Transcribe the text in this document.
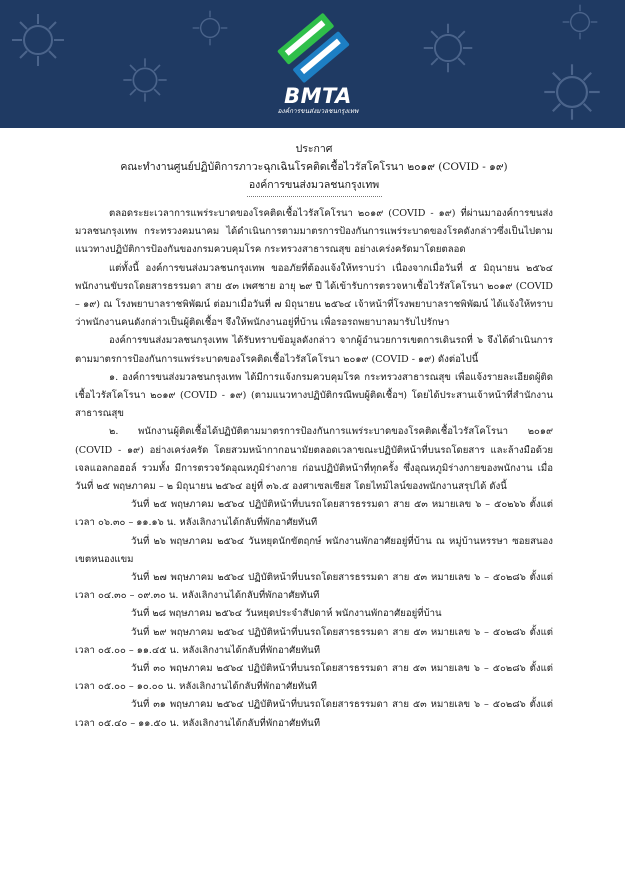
BMTA
องค์การขนส่งมวลชนกรุงเทพ
ประกาศ
คณะทำงานศูนย์ปฏิบัติการภาวะฉุกเฉินโรคติดเชื้อไวรัสโคโรนา ๒๐๑๙ (COVID - ๑๙)
องค์การขนส่งมวลชนกรุงเทพ

ตลอดระยะเวลาการแพร่ระบาดของโรคติดเชื้อไวรัสโคโรนา ๒๐๑๙ (COVID - ๑๙) ที่ผ่านมาองค์การขนส่งมวลชนกรุงเทพ กระทรวงคมนาคม ได้ดำเนินการตามมาตรการป้องกันการแพร่ระบาดของโรคดังกล่าวซึ่งเป็นไปตามแนวทางปฏิบัติการป้องกันของกรมควบคุมโรค กระทรวงสาธารณสุข อย่างเคร่งครัดมาโดยตลอด

แต่ทั้งนี้ องค์การขนส่งมวลชนกรุงเทพ ขออภัยที่ต้องแจ้งให้ทราบว่า เนื่องจากเมื่อวันที่ ๕ มิถุนายน ๒๕๖๔ พนักงานขับรถโดยสารธรรมดา สาย ๕๓ เพศชาย อายุ ๒๙ ปี ได้เข้ารับการตรวจหาเชื้อไวรัสโคโรนา ๒๐๑๙ (COVID – ๑๙) ณ โรงพยาบาลราชพิพัฒน์ ต่อมาเมื่อวันที่ ๗ มิถุนายน ๒๕๖๔ เจ้าหน้าที่โรงพยาบาลราชพิพัฒน์ ได้แจ้งให้ทราบว่าพนักงานคนดังกล่าวเป็นผู้ติดเชื้อฯ จึงให้พนักงานอยู่ที่บ้าน เพื่อรอรถพยาบาลมารับไปรักษา

องค์การขนส่งมวลชนกรุงเทพ ได้รับทราบข้อมูลดังกล่าว จากผู้อำนวยการเขตการเดินรถที่ ๖ จึงได้ดำเนินการตามมาตรการป้องกันการแพร่ระบาดของโรคติดเชื้อไวรัสโคโรนา ๒๐๑๙ (COVID - ๑๙) ดังต่อไปนี้

๑. องค์การขนส่งมวลชนกรุงเทพ ได้มีการแจ้งกรมควบคุมโรค กระทรวงสาธารณสุข เพื่อแจ้งรายละเอียดผู้ติดเชื้อไวรัสโคโรนา ๒๐๑๙ (COVID - ๑๙) (ตามแนวทางปฏิบัติกรณีพบผู้ติดเชื้อฯ) โดยได้ประสานเจ้าหน้าที่สำนักงานสาธารณสุข

๒. พนักงานผู้ติดเชื้อได้ปฏิบัติตามมาตรการป้องกันการแพร่ระบาดของโรคติดเชื้อไวรัสโคโรนา ๒๐๑๙ (COVID - ๑๙) อย่างเคร่งครัด โดยสวมหน้ากากอนามัยตลอดเวลาขณะปฏิบัติหน้าที่บนรถโดยสาร และล้างมือด้วยเจลแอลกอฮอล์ รวมทั้ง มีการตรวจวัดอุณหภูมิร่างกาย ก่อนปฏิบัติหน้าที่ทุกครั้ง ซึ่งอุณหภูมิร่างกายของพนักงาน เมื่อวันที่ ๒๕ พฤษภาคม – ๒ มิถุนายน ๒๕๖๔ อยู่ที่ ๓๖.๕ องศาเซลเซียส โดยไทม์ไลน์ของพนักงานสรุปได้ ดังนี้

วันที่ ๒๕ พฤษภาคม ๒๕๖๔ ปฏิบัติหน้าที่บนรถโดยสารธรรมดา สาย ๕๓ หมายเลข ๖ – ๕๐๒๖๖ ตั้งแต่เวลา ๐๖.๓๐ – ๑๑.๑๖ น. หลังเลิกงานได้กลับที่พักอาศัยทันที

วันที่ ๒๖ พฤษภาคม ๒๕๖๔ วันหยุดนักขัตฤกษ์ พนักงานพักอาศัยอยู่ที่บ้าน ณ หมู่บ้านหรรษา ซอยสนอง เขตหนองแขม

วันที่ ๒๗ พฤษภาคม ๒๕๖๔ ปฏิบัติหน้าที่บนรถโดยสารธรรมดา สาย ๕๓ หมายเลข ๖ – ๕๐๒๘๖ ตั้งแต่เวลา ๐๔.๓๐ – ๐๙.๓๐ น. หลังเลิกงานได้กลับที่พักอาศัยทันที

วันที่ ๒๘ พฤษภาคม ๒๕๖๔ วันหยุดประจำสัปดาห์ พนักงานพักอาศัยอยู่ที่บ้าน

วันที่ ๒๙ พฤษภาคม ๒๕๖๔ ปฏิบัติหน้าที่บนรถโดยสารธรรมดา สาย ๕๓ หมายเลข ๖ – ๕๐๒๘๖ ตั้งแต่เวลา ๐๕.๐๐ – ๑๑.๔๕ น. หลังเลิกงานได้กลับที่พักอาศัยทันที

วันที่ ๓๐ พฤษภาคม ๒๕๖๔ ปฏิบัติหน้าที่บนรถโดยสารธรรมดา สาย ๕๓ หมายเลข ๖ – ๕๐๒๘๖ ตั้งแต่เวลา ๐๕.๐๐ – ๑๐.๐๐ น. หลังเลิกงานได้กลับที่พักอาศัยทันที

วันที่ ๓๑ พฤษภาคม ๒๕๖๔ ปฏิบัติหน้าที่บนรถโดยสารธรรมดา สาย ๕๓ หมายเลข ๖ – ๕๐๒๘๖ ตั้งแต่เวลา ๐๕.๔๐ – ๑๑.๕๐ น. หลังเลิกงานได้กลับที่พักอาศัยทันที
